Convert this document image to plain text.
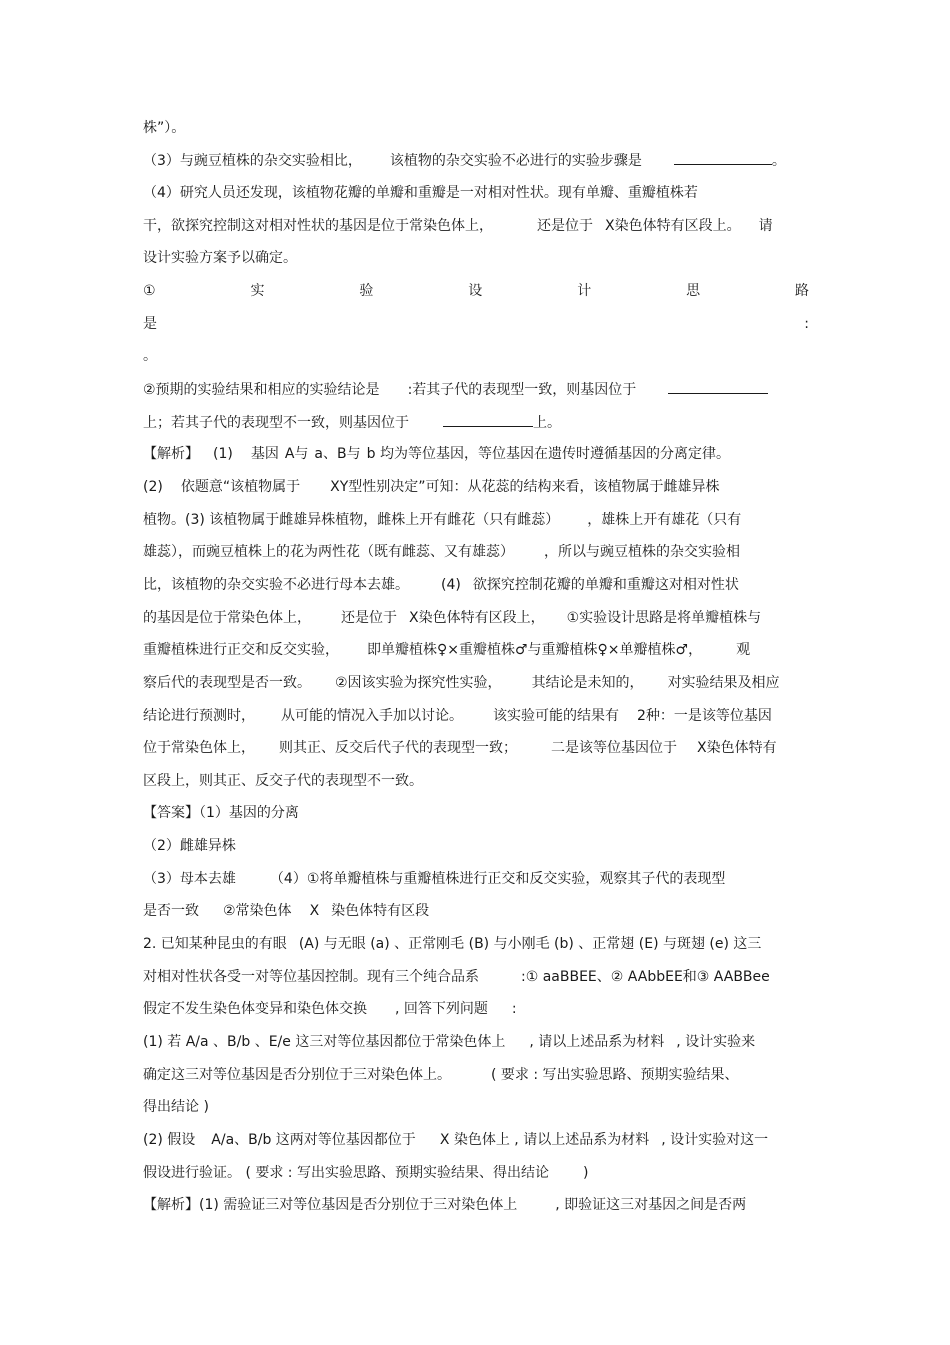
株”）。
（3）与豌豆植株的杂交实验相比， 该植物的杂交实验不必进行的实验步骤是	。
（4）研究人员还发现，该植物花瓣的单瓣和重瓣是一对相对性状。现有单瓣、重瓣植株若
干，欲探究控制这对相对性状的基因是位于常染色体上，	还是位于 X染色体特有区段上。 请
设计实验方案予以确定。
①	实	验	设	计	思	路
是	:
。
②预期的实验结果和相应的实验结论是 :若其子代的表现型一致，则基因位于
上；若其子代的表现型不一致，则基因位于	上。
【解析】 (1) 基因 A与 a、B与 b 均为等位基因，等位基因在遗传时遵循基因的分离定律。
(2) 依题意“该植物属于 XY型性别决定”可知：从花蕊的结构来看，该植物属于雌雄异株
植物。(3) 该植物属于雌雄异株植物，雌株上开有雌花（只有雌蕊） ，雄株上开有雄花（只有
雄蕊），而豌豆植株上的花为两性花（既有雌蕊、又有雄蕊） ，所以与豌豆植株的杂交实验相
比，该植物的杂交实验不必进行母本去雄。 (4) 欲探究控制花瓣的单瓣和重瓣这对相对性状
的基因是位于常染色体上， 还是位于 X染色体特有区段上， ①实验设计思路是将单瓣植株与
重瓣植株进行正交和反交实验， 即单瓣植株♀×重瓣植株♂与重瓣植株♀×单瓣植株♂， 观
察后代的表现型是否一致。 ②因该实验为探究性实验， 其结论是未知的， 对实验结果及相应
结论进行预测时， 从可能的情况入手加以讨论。 该实验可能的结果有 2种：一是该等位基因
位于常染色体上， 则其正、反交后代子代的表现型一致； 二是该等位基因位于 X染色体特有
区段上，则其正、反交子代的表现型不一致。
【答案】（1）基因的分离
（2）雌雄异株
（3）母本去雄 （4）①将单瓣植株与重瓣植株进行正交和反交实验，观察其子代的表现型
是否一致 ②常染色体 X 染色体特有区段
2. 已知某种昆虫的有眼 (A) 与无眼 (a) 、正常刚毛 (B) 与小刚毛 (b) 、正常翅 (E) 与斑翅 (e) 这三
对相对性状各受一对等位基因控制。现有三个纯合品系	:① aaBBEE、② AAbbEE和③ AABBee
假定不发生染色体变异和染色体交换 , 回答下列问题 :
(1) 若 A/a 、B/b 、E/e 这三对等位基因都位于常染色体上 , 请以上述品系为材料 , 设计实验来
确定这三对等位基因是否分别位于三对染色体上。	( 要求 : 写出实验思路、预期实验结果、
得出结论 )
(2) 假设 A/a、B/b 这两对等位基因都位于 X 染色体上 , 请以上述品系为材料 , 设计实验对这一
假设进行验证。 ( 要求 : 写出实验思路、预期实验结果、得出结论 )
【解析】(1) 需验证三对等位基因是否分别位于三对染色体上	, 即验证这三对基因之间是否两
